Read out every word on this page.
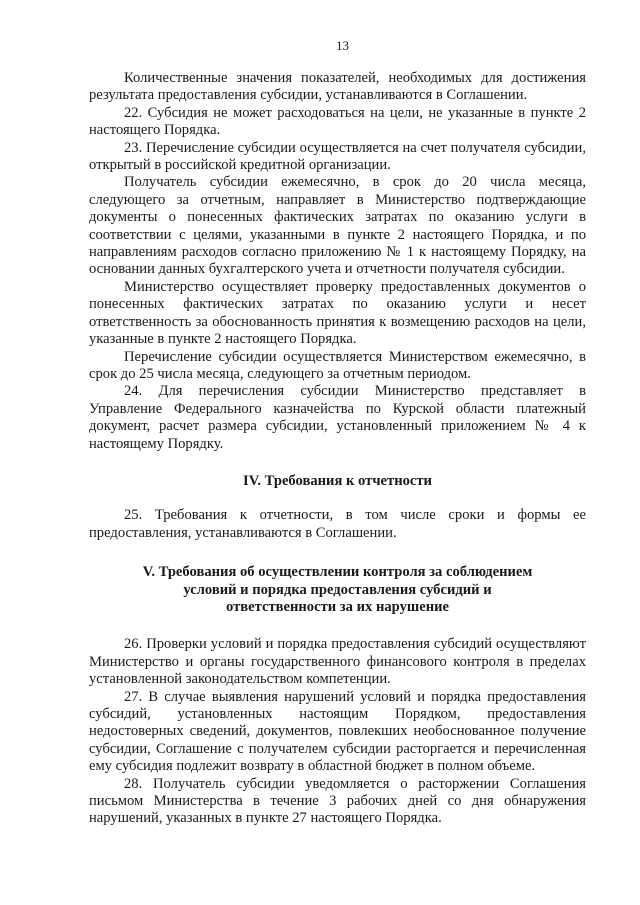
13

Количественные значения показателей, необходимых для достижения результата предоставления субсидии, устанавливаются в Соглашении.

22. Субсидия не может расходоваться на цели, не указанные в пункте 2 настоящего Порядка.

23. Перечисление субсидии осуществляется на счет получателя субсидии, открытый в российской кредитной организации.

Получатель субсидии ежемесячно, в срок до 20 числа месяца, следующего за отчетным, направляет в Министерство подтверждающие документы о понесенных фактических затратах по оказанию услуги в соответствии с целями, указанными в пункте 2 настоящего Порядка, и по направлениям расходов согласно приложению № 1 к настоящему Порядку, на основании данных бухгалтерского учета и отчетности получателя субсидии.

Министерство осуществляет проверку предоставленных документов о понесенных фактических затратах по оказанию услуги и несет ответственность за обоснованность принятия к возмещению расходов на цели, указанные в пункте 2 настоящего Порядка.

Перечисление субсидии осуществляется Министерством ежемесячно, в срок до 25 числа месяца, следующего за отчетным периодом.

24. Для перечисления субсидии Министерство представляет в Управление Федерального казначейства по Курской области платежный документ, расчет размера субсидии, установленный приложением № 4 к настоящему Порядку.

IV. Требования к отчетности

25. Требования к отчетности, в том числе сроки и формы ее предоставления, устанавливаются в Соглашении.

V. Требования об осуществлении контроля за соблюдением
условий и порядка предоставления субсидий и
ответственности за их нарушение

26. Проверки условий и порядка предоставления субсидий осуществляют Министерство и органы государственного финансового контроля в пределах установленной законодательством компетенции.

27. В случае выявления нарушений условий и порядка предоставления субсидий, установленных настоящим Порядком, предоставления недостоверных сведений, документов, повлекших необоснованное получение субсидии, Соглашение с получателем субсидии расторгается и перечисленная ему субсидия подлежит возврату в областной бюджет в полном объеме.

28. Получатель субсидии уведомляется о расторжении Соглашения письмом Министерства в течение 3 рабочих дней со дня обнаружения нарушений, указанных в пункте 27 настоящего Порядка.
